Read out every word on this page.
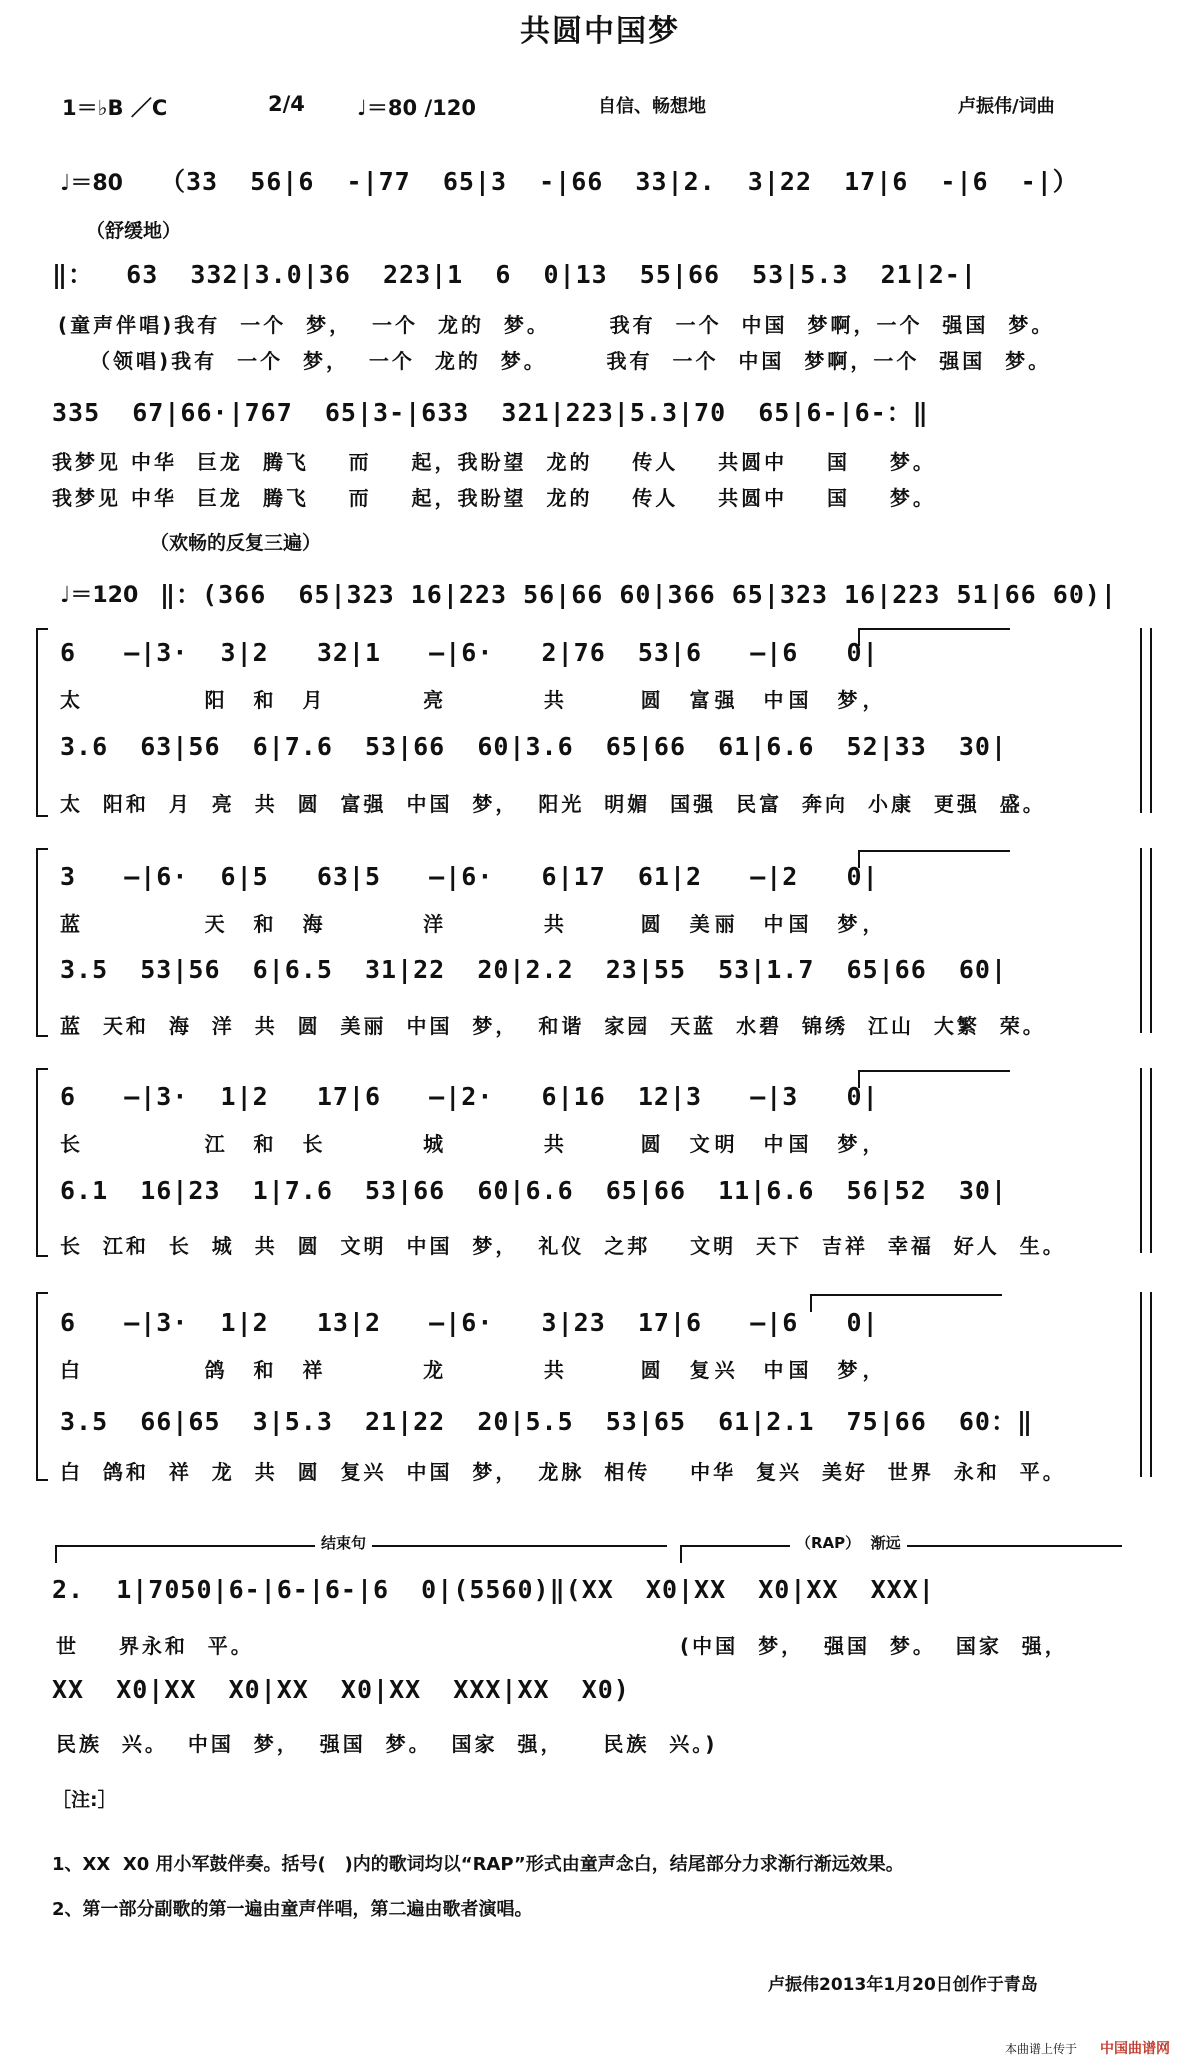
共圆中国梦
1＝♭B ／C	2/4 ♩＝80 /120	自信、畅想地	卢振伟/词曲
♩＝80 （33  56|6  -|77  65|3  -|66  33|2.  3|22  17|6  -|6  -|）
（舒缓地）
‖：  63  332|3.0|36  223|1  6  0|13  55|66  53|5.3  21|2-|
(童声伴唱)我有  一个  梦，  一个  龙的  梦。      我有  一个  中国  梦啊，一个  强国  梦。
（领唱)我有  一个  梦，  一个  龙的  梦。      我有  一个  中国  梦啊，一个  强国  梦。
335  67|66·|767  65|3-|633  321|223|5.3|70  65|6-|6-：‖
我梦见 中华  巨龙  腾飞    而    起，我盼望  龙的    传人    共圆中    国    梦。
我梦见 中华  巨龙  腾飞    而    起，我盼望  龙的    传人    共圆中    国    梦。
（欢畅的反复三遍）
♩＝120 ‖：(366  65|323 16|223 56|66 60|366 65|323 16|223 51|66 60)|
6   —|3·  3|2   32|1   —|6·   2|76  53|6   —|6   0|
太          阳  和  月        亮        共      圆  富强  中国  梦，
3.6  63|56  6|7.6  53|66  60|3.6  65|66  61|6.6  52|33  30|
太  阳和  月  亮  共  圆  富强  中国  梦，  阳光  明媚  国强  民富  奔向  小康  更强  盛。
3   —|6·  6|5   63|5   —|6·   6|17  61|2   —|2   0|
蓝          天  和  海        洋        共      圆  美丽  中国  梦，
3.5  53|56  6|6.5  31|22  20|2.2  23|55  53|1.7  65|66  60|
蓝  天和  海  洋  共  圆  美丽  中国  梦，  和谐  家园  天蓝  水碧  锦绣  江山  大繁  荣。
6   —|3·  1|2   17|6   —|2·   6|16  12|3   —|3   0|
长          江  和  长        城        共      圆  文明  中国  梦，
6.1  16|23  1|7.6  53|66  60|6.6  65|66  11|6.6  56|52  30|
长  江和  长  城  共  圆  文明  中国  梦，  礼仪  之邦    文明  天下  吉祥  幸福  好人  生。
6   —|3·  1|2   13|2   —|6·   3|23  17|6   —|6   0|
白          鸽  和  祥        龙        共      圆  复兴  中国  梦，
3.5  66|65  3|5.3  21|22  20|5.5  53|65  61|2.1  75|66  60：‖
白  鸽和  祥  龙  共  圆  复兴  中国  梦，  龙脉  相传    中华  复兴  美好  世界  永和  平。
结束句	（RAP）  渐远
2.  1|7050|6-|6-|6-|6  0|(5560)‖(XX  X0|XX  X0|XX  XXX|
世    界永和  平。	(中国  梦，  强国  梦。  国家  强，
XX  X0|XX  X0|XX  X0|XX  XXX|XX  X0)
民族  兴。  中国  梦，  强国  梦。  国家  强，    民族  兴。)
［注:］
1、XX  X0 用小军鼓伴奏。括号(   )内的歌词均以“RAP”形式由童声念白，结尾部分力求渐行渐远效果。
2、第一部分副歌的第一遍由童声伴唱，第二遍由歌者演唱。
卢振伟2013年1月20日创作于青岛
本曲谱上传于 中国曲谱网
